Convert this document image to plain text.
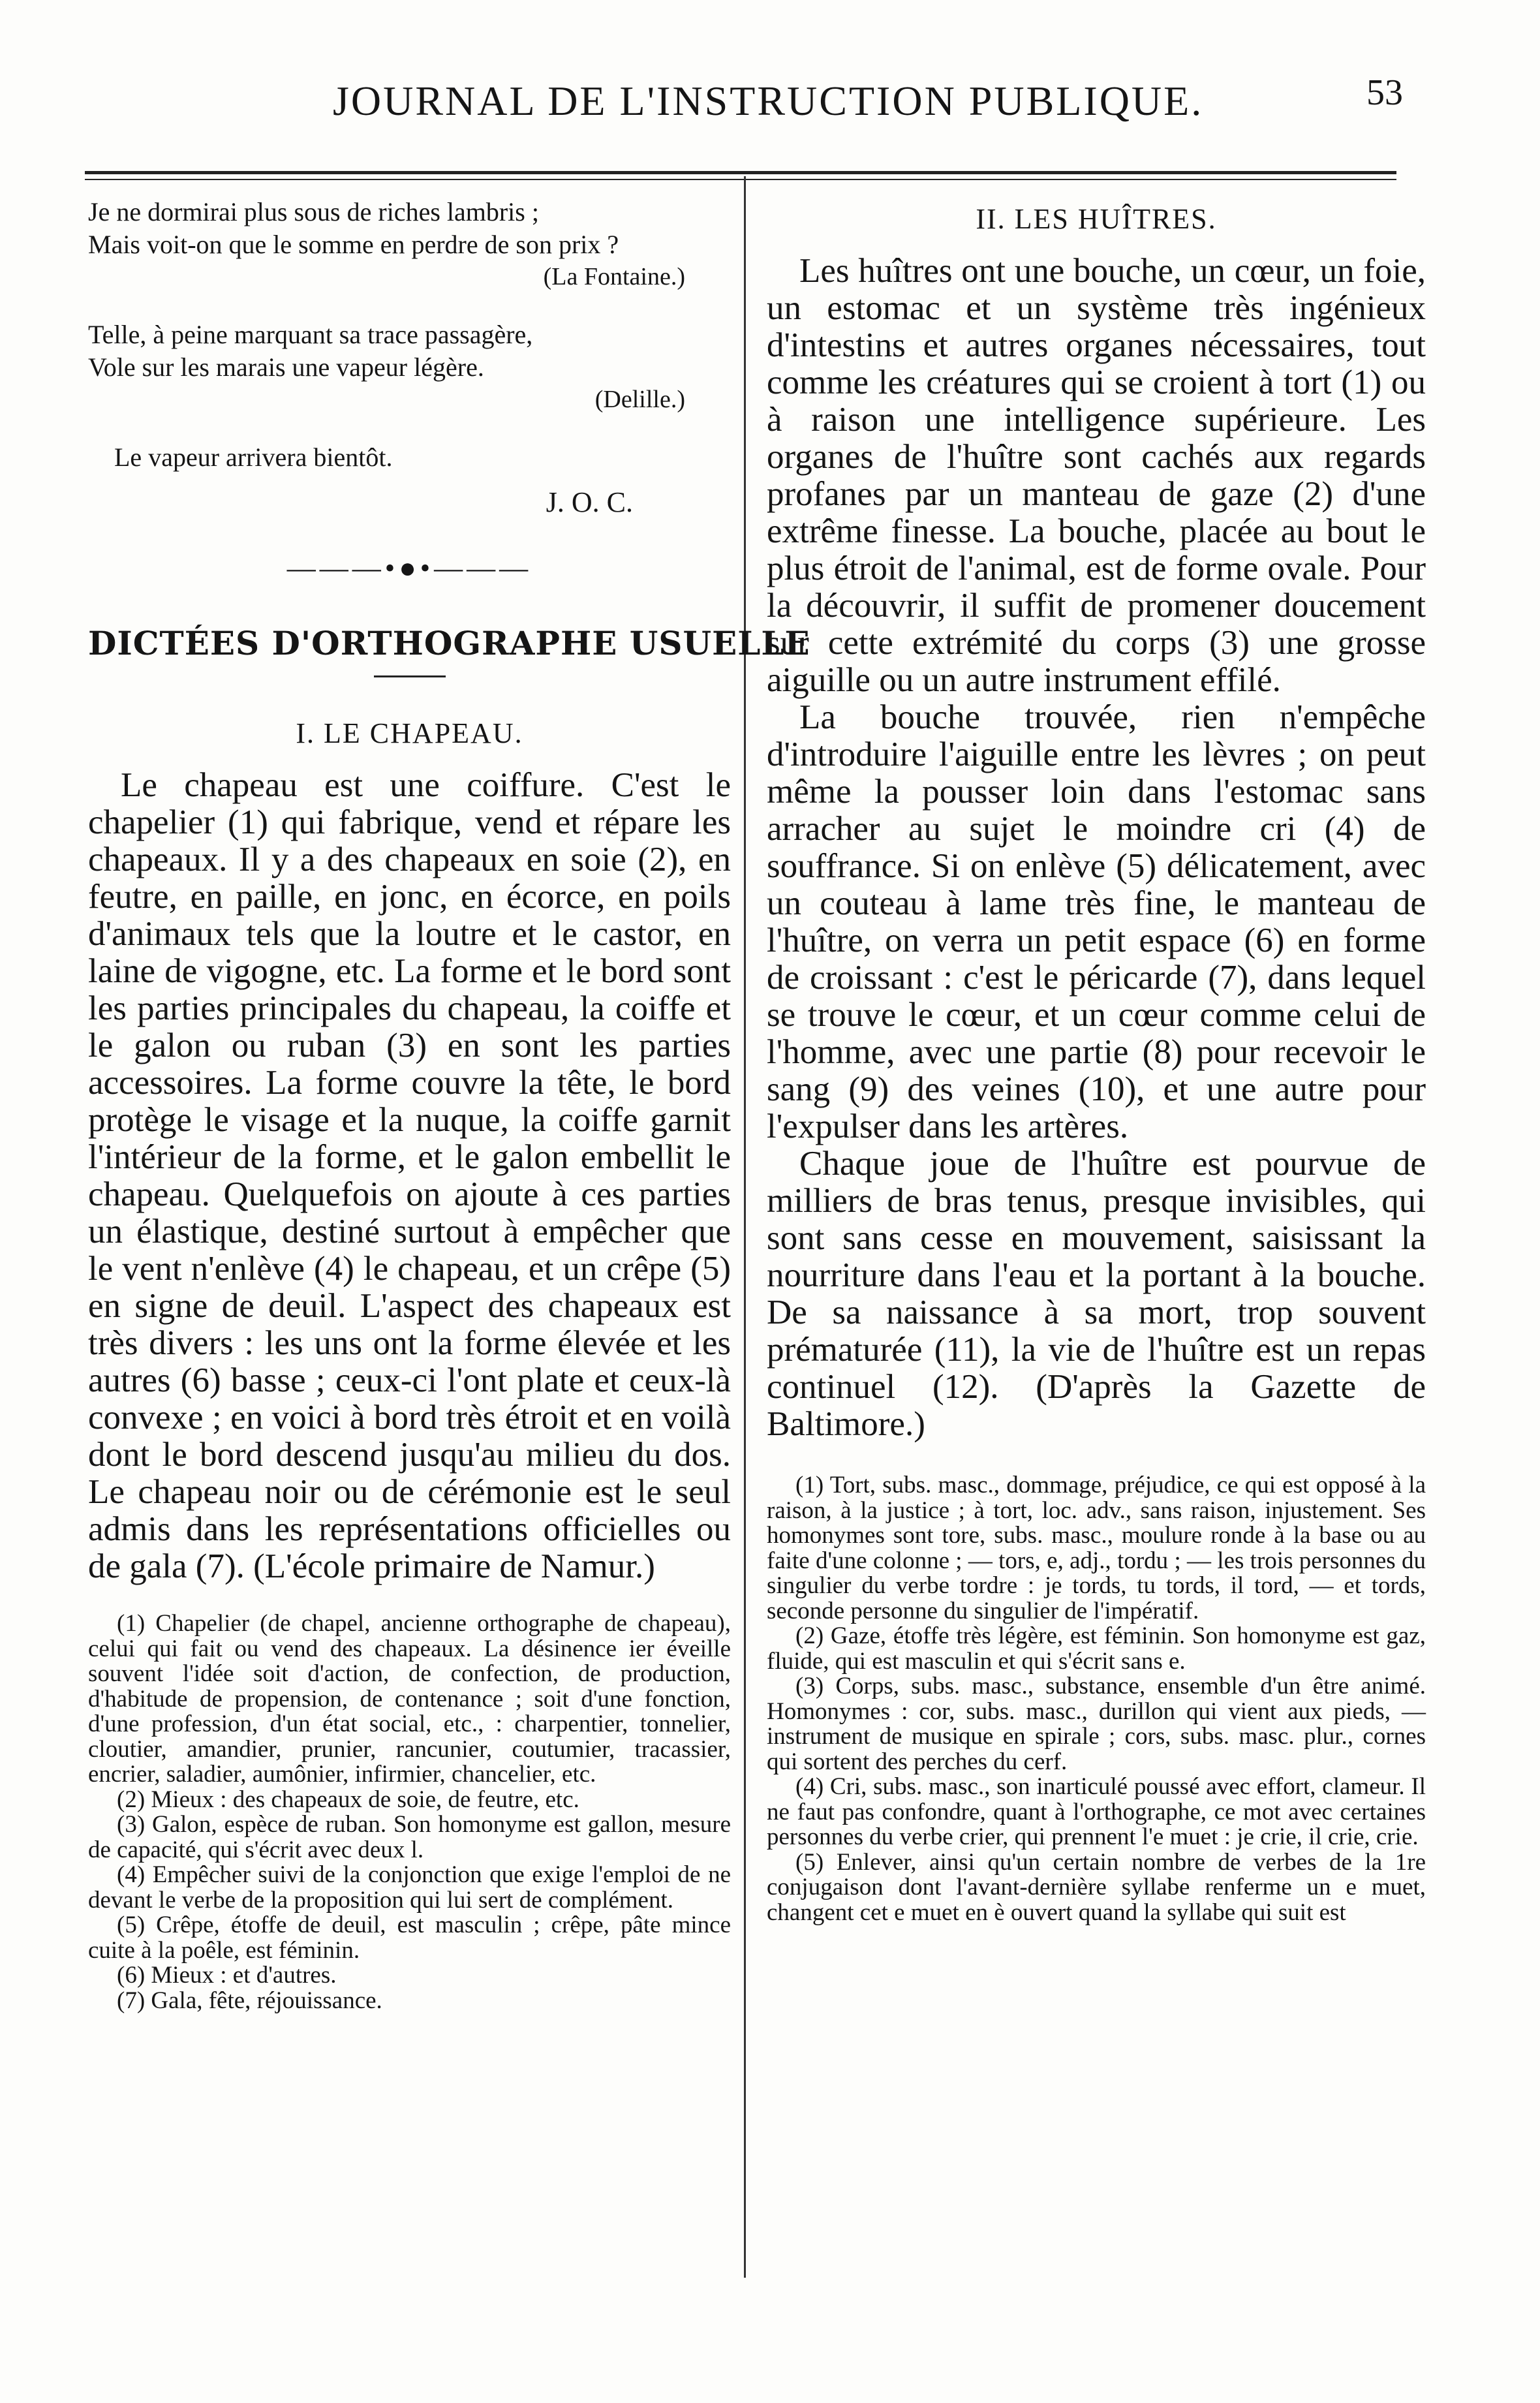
JOURNAL DE L'INSTRUCTION PUBLIQUE.	53
Je ne dormirai plus sous de riches lambris ;
Mais voit-on que le somme en perdre de son prix ?
(La Fontaine.)
Telle, à peine marquant sa trace passagère,
Vole sur les marais une vapeur légère.
(Delille.)

Le vapeur arrivera bientôt.

J. O. C.

———•●•———

DICTÉES D'ORTHOGRAPHE USUELLE

I. LE CHAPEAU.

Le chapeau est une coiffure. C'est le chapelier (1) qui fabrique, vend et répare les chapeaux. Il y a des chapeaux en soie (2), en feutre, en paille, en jonc, en écorce, en poils d'animaux tels que la loutre et le castor, en laine de vigogne, etc. La forme et le bord sont les parties principales du chapeau, la coiffe et le galon ou ruban (3) en sont les parties accessoires. La forme couvre la tête, le bord protège le visage et la nuque, la coiffe garnit l'intérieur de la forme, et le galon embellit le chapeau. Quelquefois on ajoute à ces parties un élastique, destiné surtout à empêcher que le vent n'enlève (4) le chapeau, et un crêpe (5) en signe de deuil. L'aspect des chapeaux est très divers : les uns ont la forme élevée et les autres (6) basse ; ceux-ci l'ont plate et ceux-là convexe ; en voici à bord très étroit et en voilà dont le bord descend jusqu'au milieu du dos. Le chapeau noir ou de cérémonie est le seul admis dans les représentations officielles ou de gala (7). (L'école primaire de Namur.)

(1) Chapelier (de chapel, ancienne orthographe de chapeau), celui qui fait ou vend des chapeaux. La désinence ier éveille souvent l'idée soit d'action, de confection, de production, d'habitude de propension, de contenance ; soit d'une fonction, d'une profession, d'un état social, etc., : charpentier, tonnelier, cloutier, amandier, prunier, rancunier, coutumier, tracassier, encrier, saladier, aumônier, infirmier, chancelier, etc.

(2) Mieux : des chapeaux de soie, de feutre, etc.

(3) Galon, espèce de ruban. Son homonyme est gallon, mesure de capacité, qui s'écrit avec deux l.

(4) Empêcher suivi de la conjonction que exige l'emploi de ne devant le verbe de la proposition qui lui sert de complément.

(5) Crêpe, étoffe de deuil, est masculin ; crêpe, pâte mince cuite à la poêle, est féminin.

(6) Mieux : et d'autres.

(7) Gala, fête, réjouissance.

II. LES HUÎTRES.

Les huîtres ont une bouche, un cœur, un foie, un estomac et un système très ingénieux d'intestins et autres organes nécessaires, tout comme les créatures qui se croient à tort (1) ou à raison une intelligence supérieure. Les organes de l'huître sont cachés aux regards profanes par un manteau de gaze (2) d'une extrême finesse. La bouche, placée au bout le plus étroit de l'animal, est de forme ovale. Pour la découvrir, il suffit de promener doucement sur cette extrémité du corps (3) une grosse aiguille ou un autre instrument effilé.

La bouche trouvée, rien n'empêche d'introduire l'aiguille entre les lèvres ; on peut même la pousser loin dans l'estomac sans arracher au sujet le moindre cri (4) de souffrance. Si on enlève (5) délicatement, avec un couteau à lame très fine, le manteau de l'huître, on verra un petit espace (6) en forme de croissant : c'est le péricarde (7), dans lequel se trouve le cœur, et un cœur comme celui de l'homme, avec une partie (8) pour recevoir le sang (9) des veines (10), et une autre pour l'expulser dans les artères.

Chaque joue de l'huître est pourvue de milliers de bras tenus, presque invisibles, qui sont sans cesse en mouvement, saisissant la nourriture dans l'eau et la portant à la bouche. De sa naissance à sa mort, trop souvent prématurée (11), la vie de l'huître est un repas continuel (12). (D'après la Gazette de Baltimore.)

(1) Tort, subs. masc., dommage, préjudice, ce qui est opposé à la raison, à la justice ; à tort, loc. adv., sans raison, injustement. Ses homonymes sont tore, subs. masc., moulure ronde à la base ou au faite d'une colonne ; — tors, e, adj., tordu ; — les trois personnes du singulier du verbe tordre : je tords, tu tords, il tord, — et tords, seconde personne du singulier de l'impératif.

(2) Gaze, étoffe très légère, est féminin. Son homonyme est gaz, fluide, qui est masculin et qui s'écrit sans e.

(3) Corps, subs. masc., substance, ensemble d'un être animé. Homonymes : cor, subs. masc., durillon qui vient aux pieds, — instrument de musique en spirale ; cors, subs. masc. plur., cornes qui sortent des perches du cerf.

(4) Cri, subs. masc., son inarticulé poussé avec effort, clameur. Il ne faut pas confondre, quant à l'orthographe, ce mot avec certaines personnes du verbe crier, qui prennent l'e muet : je crie, il crie, crie.

(5) Enlever, ainsi qu'un certain nombre de verbes de la 1re conjugaison dont l'avant-dernière syllabe renferme un e muet, changent cet e muet en è ouvert quand la syllabe qui suit est
